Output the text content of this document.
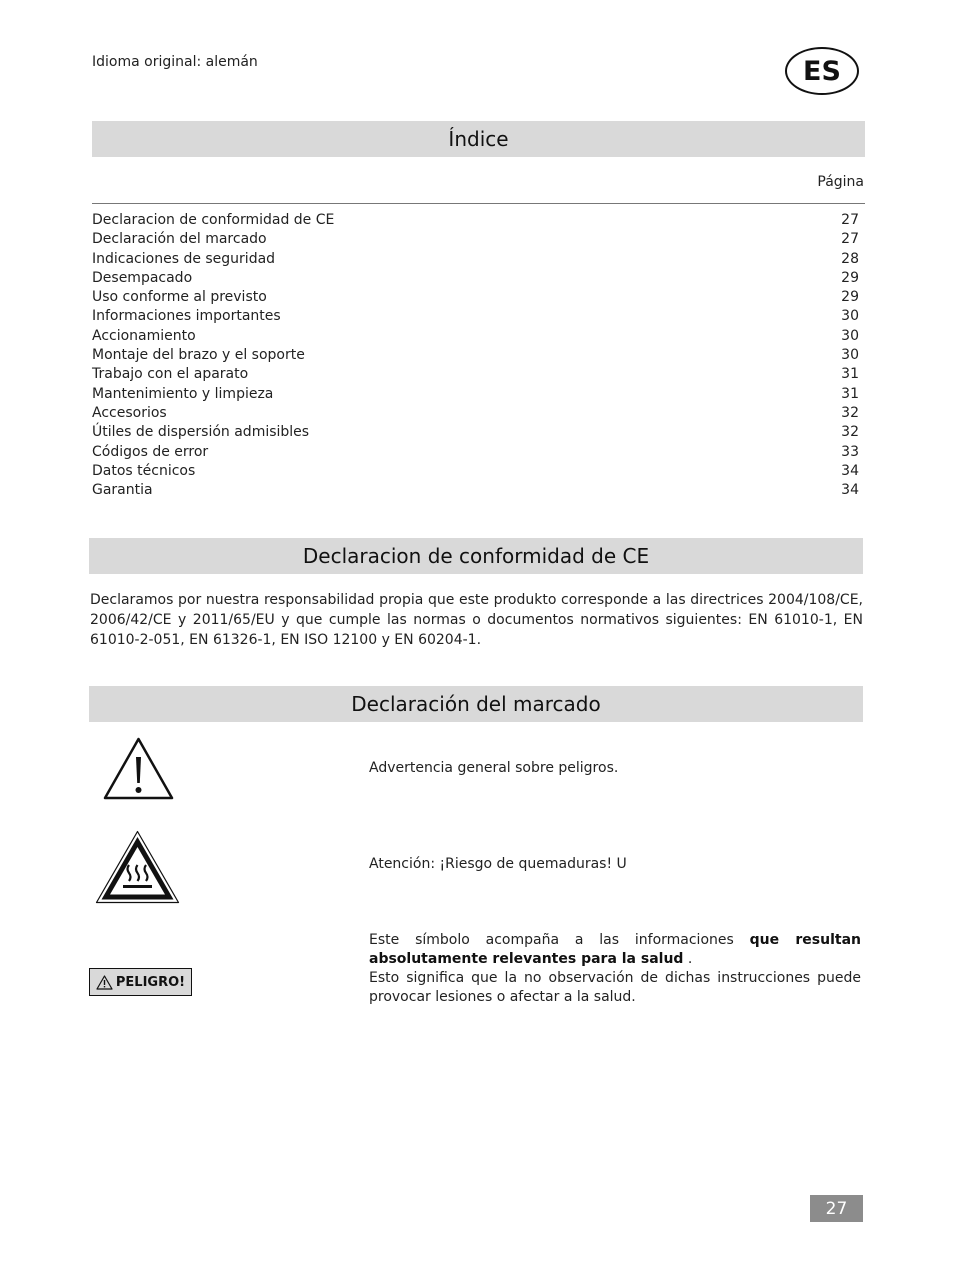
Idioma original: alemán	ES
Índice
Página
Declaracion de conformidad de CE	27
Declaración del marcado	27
Indicaciones de seguridad	28
Desempacado	29
Uso conforme al previsto	29
Informaciones importantes	30
Accionamiento	30
Montaje del brazo y el soporte	30
Trabajo con el aparato	31
Mantenimiento y limpieza	31
Accesorios	32
Útiles de dispersión admisibles	32
Códigos de error	33
Datos técnicos	34
Garantia	34
Declaracion de conformidad de CE
Declaramos por nuestra responsabilidad propia que este produkto corresponde a las directrices 2004/108/CE, 2006/42/CE y 2011/65/EU y que cumple las normas o documentos normativos siguientes: EN 61010-1, EN 61010-2-051, EN 61326-1, EN ISO 12100 y EN 60204-1.
Declaración del marcado
Advertencia general sobre peligros.
Atención: ¡Riesgo de quemaduras! U
PELIGRO!
Este símbolo acompaña a las informaciones que resultan absolutamente relevantes para la salud .
Esto significa que la no observación de dichas instrucciones puede provocar lesiones o afectar a la salud.
27
